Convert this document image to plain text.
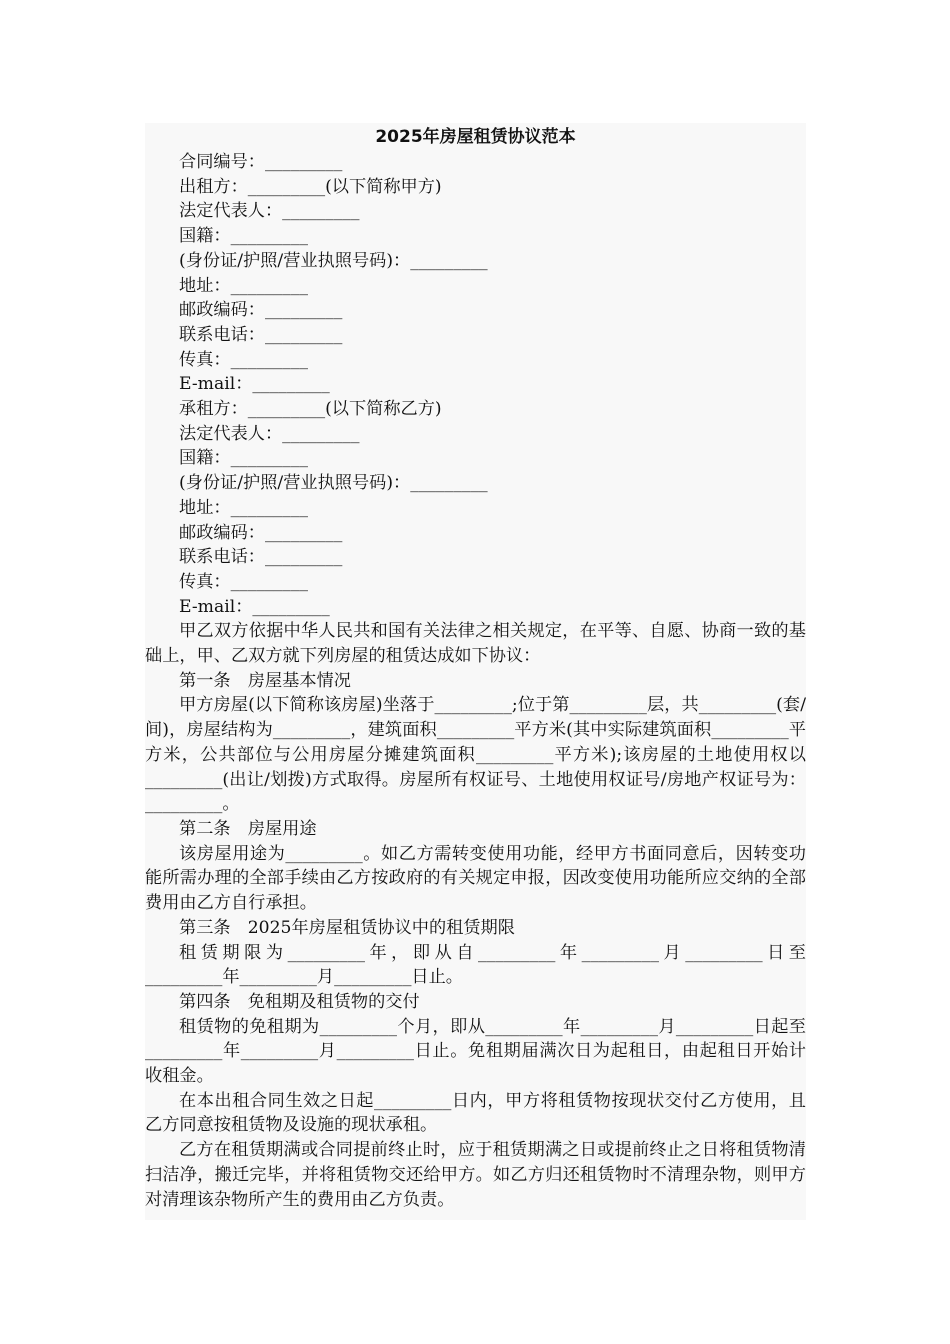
2025年房屋租赁协议范本
合同编号：_________
出租方：_________(以下简称甲方)
法定代表人：_________
国籍：_________
(身份证/护照/营业执照号码)：_________
地址：_________
邮政编码：_________
联系电话：_________
传真：_________
E-mail：_________
承租方：_________(以下简称乙方)
法定代表人：_________
国籍：_________
(身份证/护照/营业执照号码)：_________
地址：_________
邮政编码：_________
联系电话：_________
传真：_________
E-mail：_________

甲乙双方依据中华人民共和国有关法律之相关规定，在平等、自愿、协商一致的基础上，甲、乙双方就下列房屋的租赁达成如下协议：

第一条　房屋基本情况

甲方房屋(以下简称该房屋)坐落于_________;位于第_________层，共_________(套/间)，房屋结构为_________，建筑面积_________平方米(其中实际建筑面积_________平方米，公共部位与公用房屋分摊建筑面积_________平方米);该房屋的土地使用权以_________(出让/划拨)方式取得。房屋所有权证号、土地使用权证号/房地产权证号为：_________。

第二条　房屋用途

该房屋用途为_________。如乙方需转变使用功能，经甲方书面同意后，因转变功能所需办理的全部手续由乙方按政府的有关规定申报，因改变使用功能所应交纳的全部费用由乙方自行承担。

第三条　2025年房屋租赁协议中的租赁期限

租赁期限为_________年，即从自_________年_________月_________日至_________年_________月_________日止。

第四条　免租期及租赁物的交付

租赁物的免租期为_________个月，即从_________年_________月_________日起至_________年_________月_________日止。免租期届满次日为起租日，由起租日开始计收租金。

在本出租合同生效之日起_________日内，甲方将租赁物按现状交付乙方使用，且乙方同意按租赁物及设施的现状承租。

乙方在租赁期满或合同提前终止时，应于租赁期满之日或提前终止之日将租赁物清扫洁净，搬迁完毕，并将租赁物交还给甲方。如乙方归还租赁物时不清理杂物，则甲方对清理该杂物所产生的费用由乙方负责。
